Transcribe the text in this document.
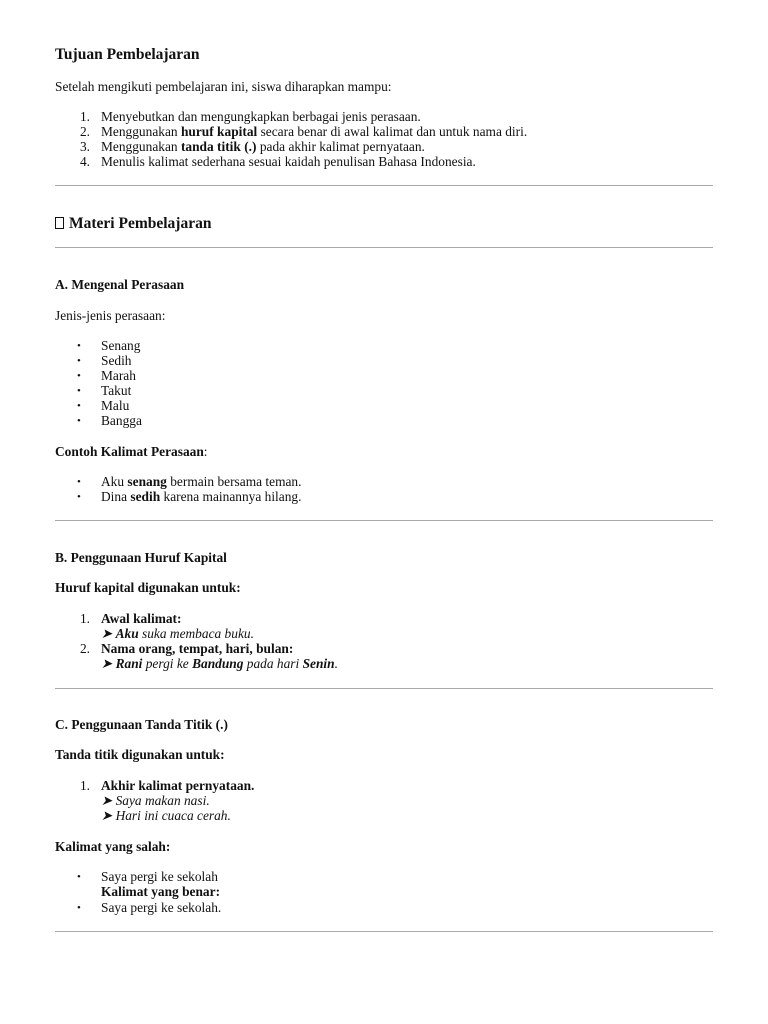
Tujuan Pembelajaran
Setelah mengikuti pembelajaran ini, siswa diharapkan mampu:
1. Menyebutkan dan mengungkapkan berbagai jenis perasaan.
2. Menggunakan huruf kapital secara benar di awal kalimat dan untuk nama diri.
3. Menggunakan tanda titik (.) pada akhir kalimat pernyataan.
4. Menulis kalimat sederhana sesuai kaidah penulisan Bahasa Indonesia.
Materi Pembelajaran
A. Mengenal Perasaan
Jenis-jenis perasaan:
• Senang
• Sedih
• Marah
• Takut
• Malu
• Bangga
Contoh Kalimat Perasaan:
• Aku senang bermain bersama teman.
• Dina sedih karena mainannya hilang.
B. Penggunaan Huruf Kapital
Huruf kapital digunakan untuk:
1. Awal kalimat:
➤ Aku suka membaca buku.
2. Nama orang, tempat, hari, bulan:
➤ Rani pergi ke Bandung pada hari Senin.
C. Penggunaan Tanda Titik (.)
Tanda titik digunakan untuk:
1. Akhir kalimat pernyataan.
➤ Saya makan nasi.
➤ Hari ini cuaca cerah.
Kalimat yang salah:
• Saya pergi ke sekolah
Kalimat yang benar:
• Saya pergi ke sekolah.
